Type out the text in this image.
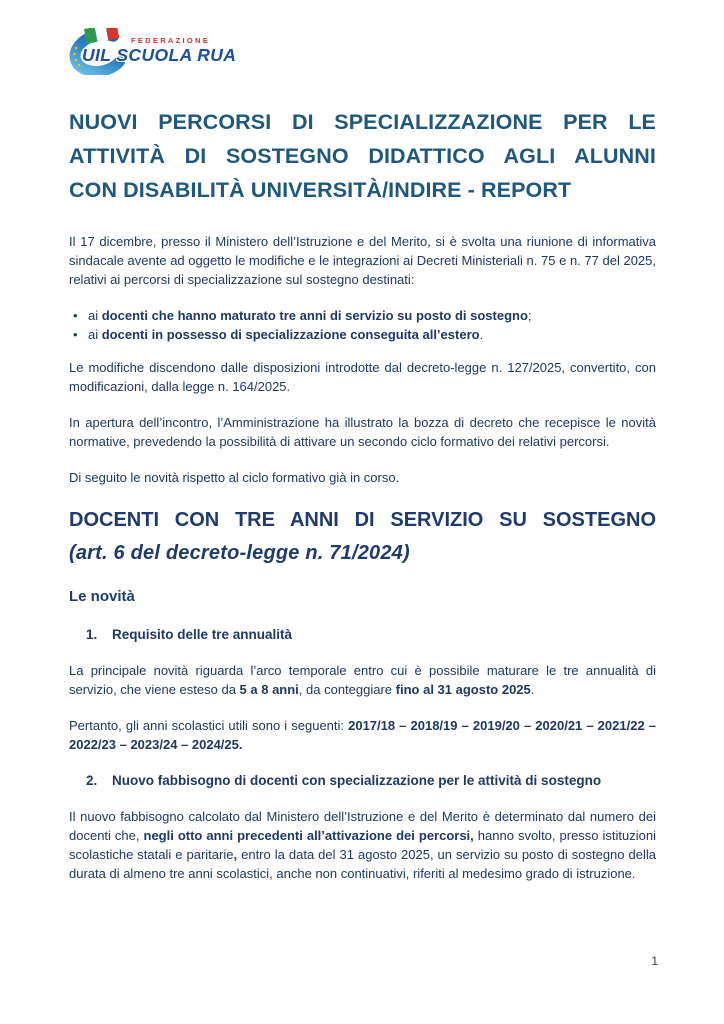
FEDERAZIONE
UIL SCUOLA RUA
NUOVI PERCORSI DI SPECIALIZZAZIONE PER LE
ATTIVITÀ DI SOSTEGNO DIDATTICO AGLI ALUNNI
CON DISABILITÀ UNIVERSITÀ/INDIRE - REPORT

Il 17 dicembre, presso il Ministero dell’Istruzione e del Merito, si è svolta una riunione di informativa sindacale avente ad oggetto le modifiche e le integrazioni ai Decreti Ministeriali n. 75 e n. 77 del 2025, relativi ai percorsi di specializzazione sul sostegno destinati:

• ai docenti che hanno maturato tre anni di servizio su posto di sostegno;
• ai docenti in possesso di specializzazione conseguita all’estero.

Le modifiche discendono dalle disposizioni introdotte dal decreto-legge n. 127/2025, convertito, con modificazioni, dalla legge n. 164/2025.

In apertura dell’incontro, l’Amministrazione ha illustrato la bozza di decreto che recepisce le novità normative, prevedendo la possibilità di attivare un secondo ciclo formativo dei relativi percorsi.

Di seguito le novità rispetto al ciclo formativo già in corso.

DOCENTI CON TRE ANNI DI SERVIZIO SU SOSTEGNO
(art. 6 del decreto-legge n. 71/2024)
Le novità
1.	Requisito delle tre annualità

La principale novità riguarda l’arco temporale entro cui è possibile maturare le tre annualità di servizio, che viene esteso da 5 a 8 anni, da conteggiare fino al 31 agosto 2025.

Pertanto, gli anni scolastici utili sono i seguenti: 2017/18 – 2018/19 – 2019/20 – 2020/21 – 2021/22 – 2022/23 – 2023/24 – 2024/25.

2.	Nuovo fabbisogno di docenti con specializzazione per le attività di sostegno

Il nuovo fabbisogno calcolato dal Ministero dell’Istruzione e del Merito è determinato dal numero dei docenti che, negli otto anni precedenti all’attivazione dei percorsi, hanno svolto, presso istituzioni scolastiche statali e paritarie, entro la data del 31 agosto 2025, un servizio su posto di sostegno della durata di almeno tre anni scolastici, anche non continuativi, riferiti al medesimo grado di istruzione.

1
